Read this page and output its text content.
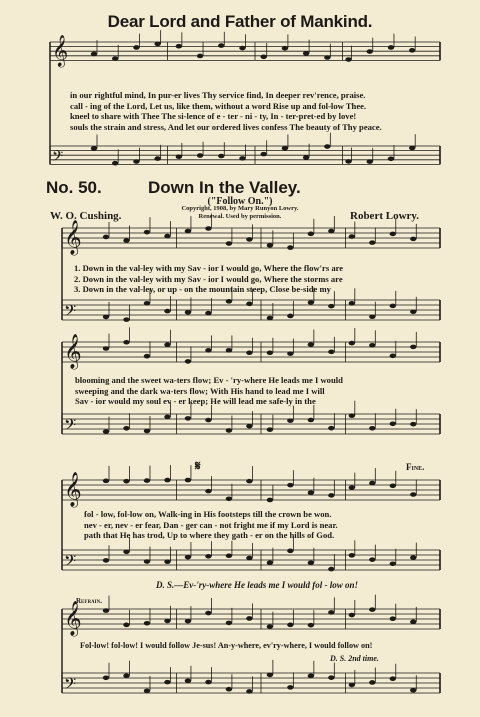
𝄞
𝄢
𝄞
𝄢
𝄞
𝄢
𝄞
𝄢
𝄞
𝄢
Dear Lord and Father of Mankind.
in our rightful mind, In pur-er lives Thy service find, In deeper rev'rence, praise.
call - ing of the Lord, Let us, like them, without a word Rise up and fol-low Thee.
kneel to share with Thee The si-lence of e - ter - ni - ty, In - ter-pret-ed by love!
souls the strain and stress, And let our ordered lives confess The beauty of Thy peace.
No. 50.	Down In the Valley.
("Follow On.")
W. O. Cushing.	Robert Lowry.
Copyright, 1908, by Mary Runyon Lowry.
Renewal. Used by permission.
1. Down in the val-ley with my Sav - ior I would go, Where the flow'rs are
2. Down in the val-ley with my Sav - ior I would go, Where the storms are
3. Down in the val-ley, or up - on the mountain steep, Close be-side my
blooming and the sweet wa-ters flow; Ev - 'ry-where He leads me I would
sweeping and the dark wa-ters flow; With His hand to lead me I will
Sav - ior would my soul ev - er keep; He will lead me safe-ly in the
Fine.
𝄋
fol - low, fol-low on, Walk-ing in His footsteps till the crown be won.
nev - er, nev - er fear, Dan - ger can - not fright me if my Lord is near.
path that He has trod, Up to where they gath - er on the hills of God.
D. S.—Ev-'ry-where He leads me I would fol - low on!
Refrain.
Fol-low! fol-low! I would follow Je-sus! An-y-where, ev'ry-where, I would follow on!
D. S. 2nd time.
